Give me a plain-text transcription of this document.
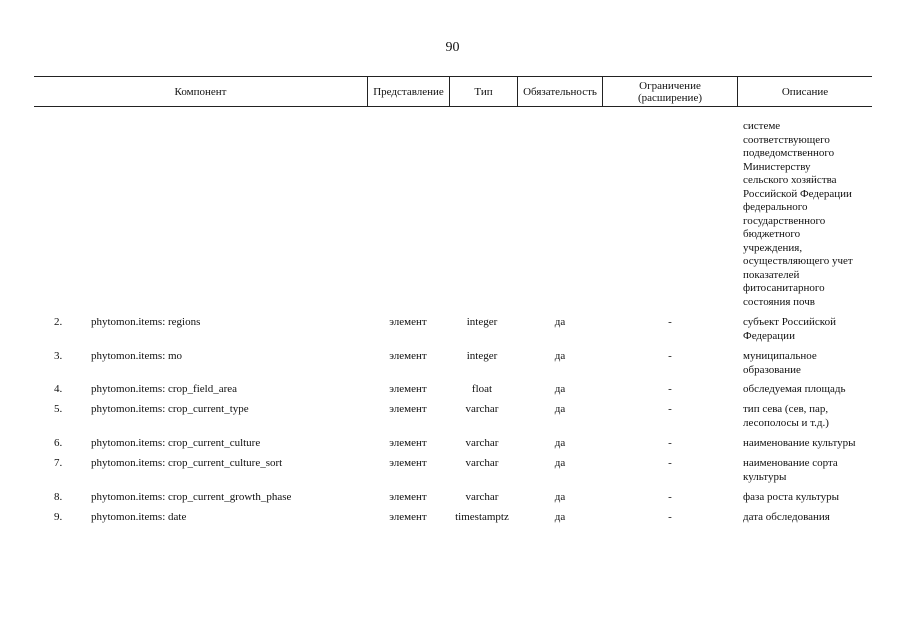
90
Компонент	Представление	Тип	Обязательность	Ограничение
(расширение)	Описание
системе
соответствующего
подведомственного
Министерству
сельского хозяйства
Российской Федерации
федерального
государственного
бюджетного
учреждения,
осуществляющего учет
показателей
фитосанитарного
состояния почв
2.	phytomon.items: regions	элемент	integer	да	-	субъект Российской
Федерации
3.	phytomon.items: mo	элемент	integer	да	-	муниципальное
образование
4.	phytomon.items: crop_field_area	элемент	float	да	-	обследуемая площадь
5.	phytomon.items: crop_current_type	элемент	varchar	да	-	тип сева (сев, пар,
лесополосы и т.д.)
6.	phytomon.items: crop_current_culture	элемент	varchar	да	-	наименование культуры
7.	phytomon.items: crop_current_culture_sort	элемент	varchar	да	-	наименование сорта
культуры
8.	phytomon.items: crop_current_growth_phase	элемент	varchar	да	-	фаза роста культуры
9.	phytomon.items: date	элемент	timestamptz	да	-	дата обследования
